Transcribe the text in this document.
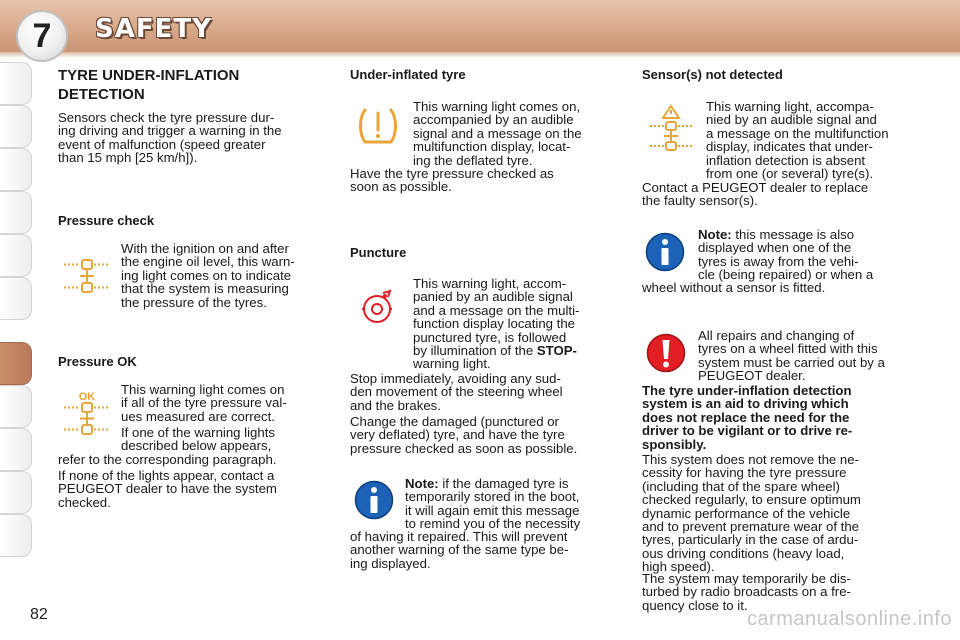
7	SAFETY
TYRE UNDER-INFLATION
DETECTION
Sensors check the tyre pressure dur-
ing driving and trigger a warning in the
event of malfunction (speed greater
than 15 mph [25 km/h]).
Pressure check
With the ignition on and after
the engine oil level, this warn-
ing light comes on to indicate
that the system is measuring
the pressure of the tyres.
Pressure OK
OK This warning light comes on
if all of the tyre pressure val-
ues measured are correct.
If one of the warning lights
described below appears,
refer to the corresponding paragraph.
If none of the lights appear, contact a
PEUGEOT dealer to have the system
checked.
Under-inflated tyre
This warning light comes on,
accompanied by an audible
signal and a message on the
multifunction display, locat-
ing the deflated tyre.
Have the tyre pressure checked as
soon as possible.
Puncture
This warning light, accom-
panied by an audible signal
and a message on the multi-
function display locating the
punctured tyre, is followed
by illumination of the STOP-
warning light.
Stop immediately, avoiding any sud-
den movement of the steering wheel
and the brakes.
Change the damaged (punctured or
very deflated) tyre, and have the tyre
pressure checked as soon as possible.
Note: if the damaged tyre is
temporarily stored in the boot,
it will again emit this message
to remind you of the necessity
of having it repaired. This will prevent
another warning of the same type be-
ing displayed.
Sensor(s) not detected
This warning light, accompa-
nied by an audible signal and
a message on the multifunction
display, indicates that under-
inflation detection is absent
from one (or several) tyre(s).
Contact a PEUGEOT dealer to replace
the faulty sensor(s).
Note: this message is also
displayed when one of the
tyres is away from the vehi-
cle (being repaired) or when a
wheel without a sensor is fitted.
All repairs and changing of
tyres on a wheel fitted with this
system must be carried out by a
PEUGEOT dealer.
The tyre under-inflation detection
system is an aid to driving which
does not replace the need for the
driver to be vigilant or to drive re-
sponsibly.
This system does not remove the ne-
cessity for having the tyre pressure
(including that of the spare wheel)
checked regularly, to ensure optimum
dynamic performance of the vehicle
and to prevent premature wear of the
tyres, particularly in the case of ardu-
ous driving conditions (heavy load,
high speed).
The system may temporarily be dis-
turbed by radio broadcasts on a fre-
quency close to it.
82	carmanualsonline.info
